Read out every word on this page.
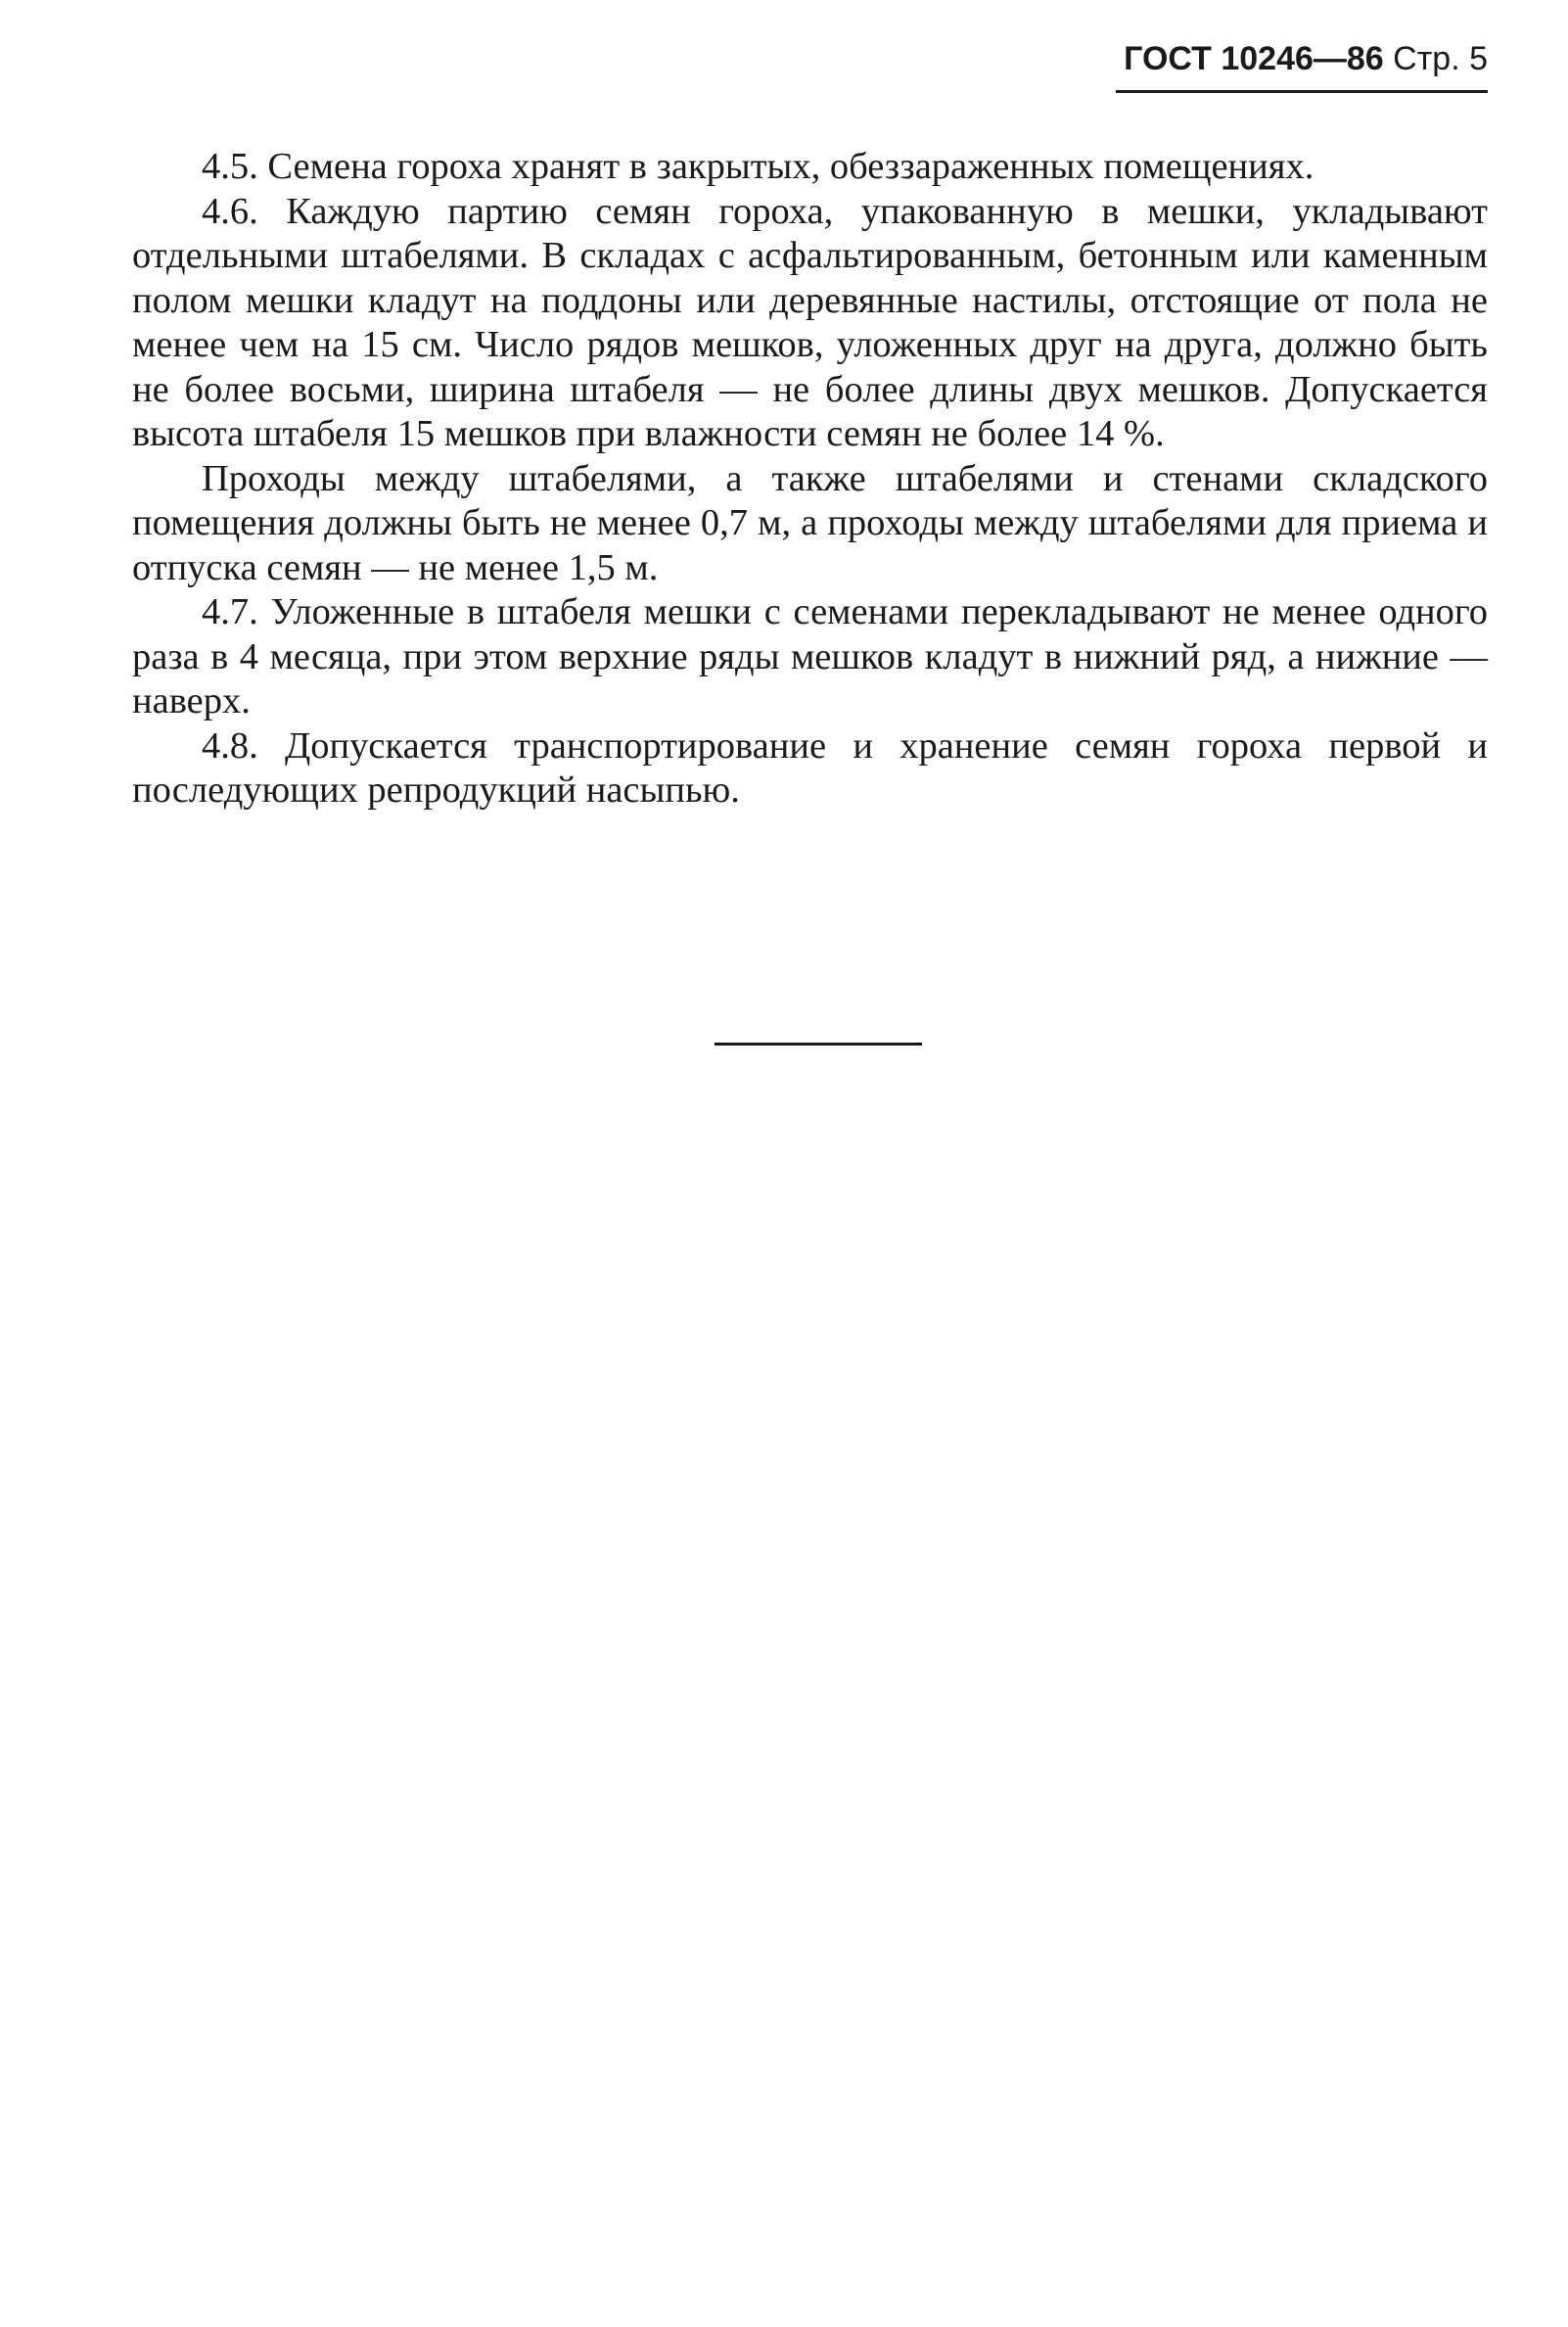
ГОСТ 10246—86 Стр. 5

4.5. Семена гороха хранят в закрытых, обеззараженных помещениях.

4.6. Каждую партию семян гороха, упакованную в мешки, укладывают отдельными штабелями. В складах с асфальтированным, бетонным или каменным полом мешки кладут на поддоны или деревянные настилы, отстоящие от пола не менее чем на 15 см. Число рядов мешков, уложенных друг на друга, должно быть не более восьми, ширина штабеля — не более длины двух мешков. Допускается высота штабеля 15 мешков при влажности семян не более 14 %.

Проходы между штабелями, а также штабелями и стенами складского помещения должны быть не менее 0,7 м, а проходы между штабелями для приема и отпуска семян — не менее 1,5 м.

4.7. Уложенные в штабеля мешки с семенами перекладывают не менее одного раза в 4 месяца, при этом верхние ряды мешков кладут в нижний ряд, а нижние — наверх.

4.8. Допускается транспортирование и хранение семян гороха первой и последующих репродукций насыпью.
